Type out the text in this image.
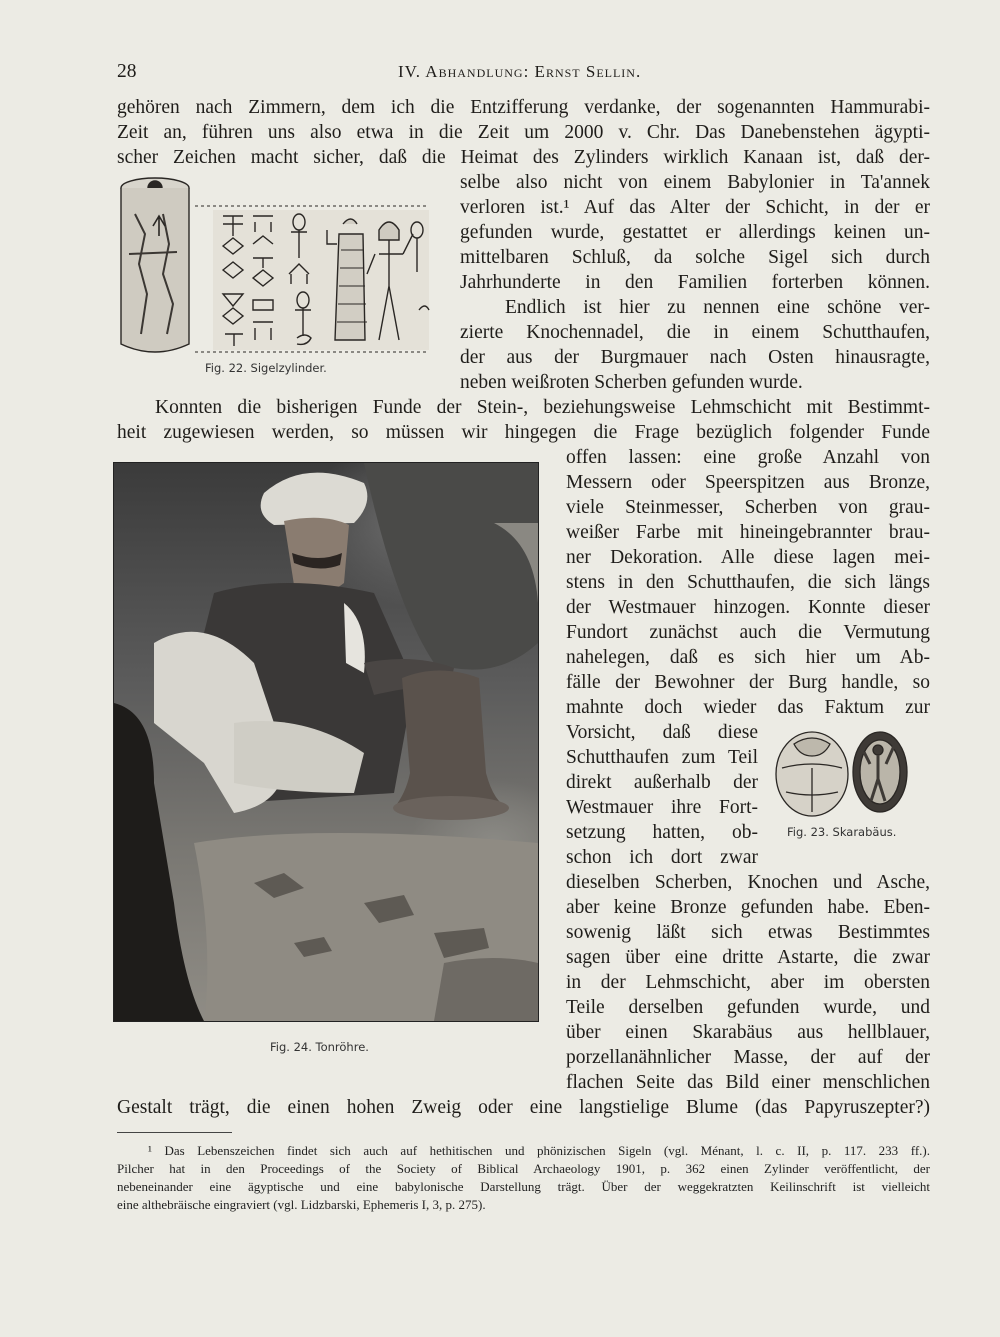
28	IV. Abhandlung: Ernst Sellin.
gehören nach Zimmern, dem ich die Entzifferung verdanke, der sogenannten Hammurabi-
Zeit an, führen uns also etwa in die Zeit um 2000 v. Chr. Das Danebenstehen ägypti-
scher Zeichen macht sicher, daß die Heimat des Zylinders wirklich Kanaan ist, daß der-
selbe also nicht von einem Babylonier in Ta'annek
verloren ist.¹ Auf das Alter der Schicht, in der er
gefunden wurde, gestattet er allerdings keinen un-
mittelbaren Schluß, da solche Sigel sich durch
Jahrhunderte in den Familien forterben können.
Endlich ist hier zu nennen eine schöne ver-
zierte Knochennadel, die in einem Schutthaufen,
der aus der Burgmauer nach Osten hinausragte,
neben weißroten Scherben gefunden wurde.
Fig. 22. Sigelzylinder.
Konnten die bisherigen Funde der Stein-, beziehungsweise Lehmschicht mit Bestimmt-
heit zugewiesen werden, so müssen wir hingegen die Frage bezüglich folgender Funde
Fig. 24. Tonröhre.
offen lassen: eine große Anzahl von
Messern oder Speerspitzen aus Bronze,
viele Steinmesser, Scherben von grau-
weißer Farbe mit hineingebrannter brau-
ner Dekoration. Alle diese lagen mei-
stens in den Schutthaufen, die sich längs
der Westmauer hinzogen. Konnte dieser
Fundort zunächst auch die Vermutung
nahelegen, daß es sich hier um Ab-
fälle der Bewohner der Burg handle, so
mahnte doch wieder das Faktum zur
Vorsicht, daß diese
Schutthaufen zum Teil
direkt außerhalb der
Westmauer ihre Fort-
setzung hatten, ob-
schon ich dort zwar
Fig. 23. Skarabäus.
dieselben Scherben, Knochen und Asche,
aber keine Bronze gefunden habe. Eben-
sowenig läßt sich etwas Bestimmtes
sagen über eine dritte Astarte, die zwar
in der Lehmschicht, aber im obersten
Teile derselben gefunden wurde, und
über einen Skarabäus aus hellblauer,
porzellanähnlicher Masse, der auf der
flachen Seite das Bild einer menschlichen
Gestalt trägt, die einen hohen Zweig oder eine langstielige Blume (das Papyruszepter?)
¹ Das Lebenszeichen findet sich auch auf hethitischen und phönizischen Sigeln (vgl. Ménant, l. c. II, p. 117. 233 ff.).
Pilcher hat in den Proceedings of the Society of Biblical Archaeology 1901, p. 362 einen Zylinder veröffentlicht, der
nebeneinander eine ägyptische und eine babylonische Darstellung trägt. Über der weggekratzten Keilinschrift ist vielleicht
eine althebräische eingraviert (vgl. Lidzbarski, Ephemeris I, 3, p. 275).
